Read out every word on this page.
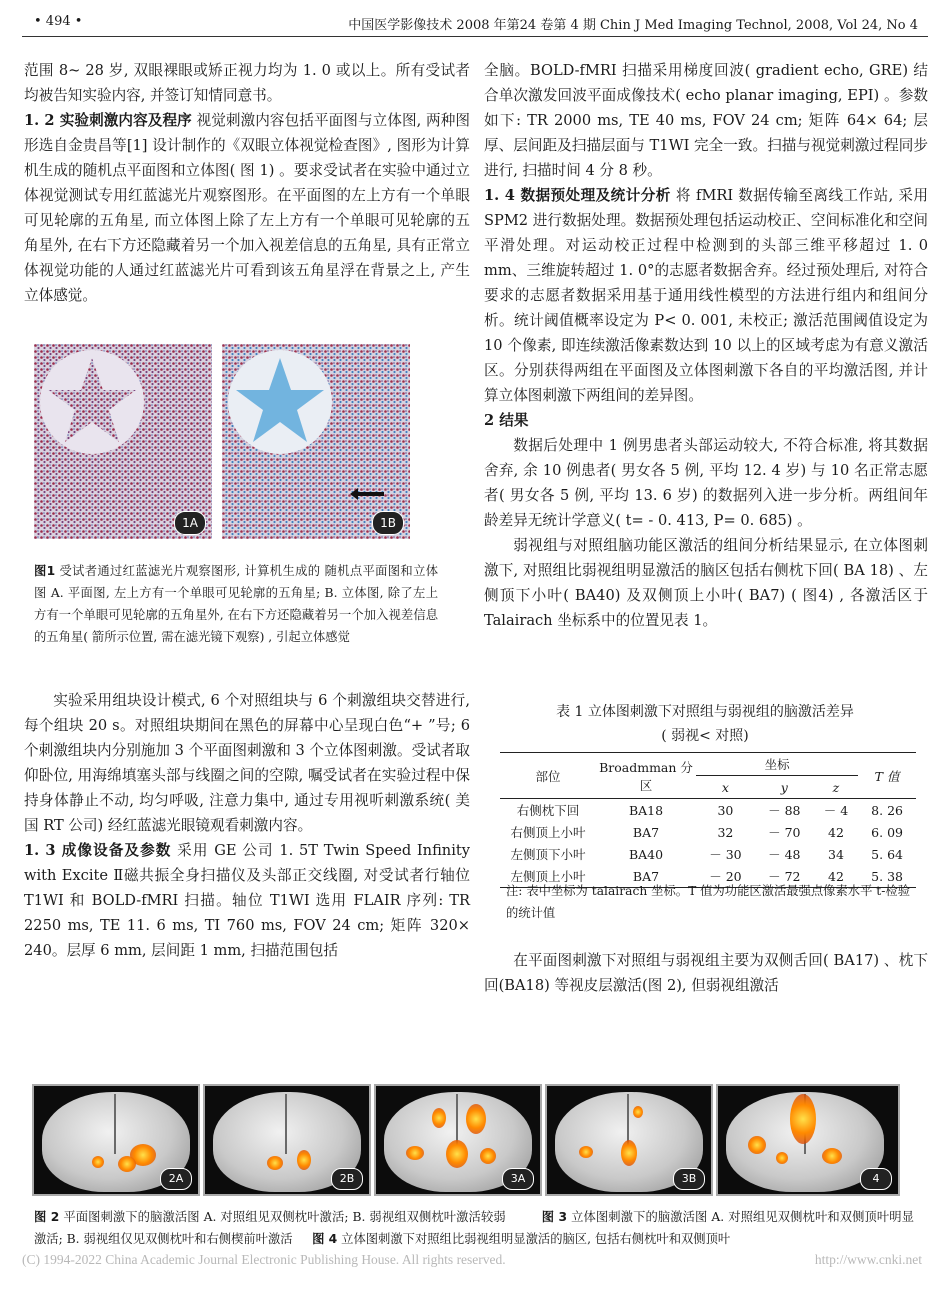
• 494 •	中国医学影像技术 2008 年第24 卷第 4 期 Chin J Med Imaging Technol, 2008, Vol 24, No 4

范围 8~ 28 岁, 双眼裸眼或矫正视力均为 1. 0 或以上。所有受试者均被告知实验内容, 并签订知情同意书。

1. 2 实验刺激内容及程序 视觉刺激内容包括平面图与立体图, 两种图形选自金贵昌等[1] 设计制作的《双眼立体视觉检查图》, 图形为计算机生成的随机点平面图和立体图( 图 1) 。要求受试者在实验中通过立体视觉测试专用红蓝滤光片观察图形。在平面图的左上方有一个单眼可见轮廓的五角星, 而立体图上除了左上方有一个单眼可见轮廓的五角星外, 在右下方还隐藏着另一个加入视差信息的五角星, 具有正常立体视觉功能的人通过红蓝滤光片可看到该五角星浮在背景之上, 产生立体感觉。

1A	1B
图1 受试者通过红蓝滤光片观察图形, 计算机生成的 随机点平面图和立体图 A. 平面图, 左上方有一个单眼可见轮廓的五角星; B. 立体图, 除了左上方有一个单眼可见轮廓的五角星外, 在右下方还隐藏着另一个加入视差信息的五角星( 箭所示位置, 需在滤光镜下观察) , 引起立体感觉

实验采用组块设计模式, 6 个对照组块与 6 个刺激组块交替进行, 每个组块 20 s。对照组块期间在黑色的屏幕中心呈现白色“+ ”号; 6 个刺激组块内分别施加 3 个平面图刺激和 3 个立体图刺激。受试者取仰卧位, 用海绵填塞头部与线圈之间的空隙, 嘱受试者在实验过程中保持身体静止不动, 均匀呼吸, 注意力集中, 通过专用视听刺激系统( 美国 RT 公司) 经红蓝滤光眼镜观看刺激内容。

1. 3 成像设备及参数 采用 GE 公司 1. 5T Twin Speed Infinity with Excite Ⅱ磁共振全身扫描仪及头部正交线圈, 对受试者行轴位 T1WI 和 BOLD-fMRI 扫描。轴位 T1WI 选用 FLAIR 序列: TR 2250 ms, TE 11. 6 ms, TI 760 ms, FOV 24 cm; 矩阵 320× 240。层厚 6 mm, 层间距 1 mm, 扫描范围包括

全脑。BOLD-fMRI 扫描采用梯度回波( gradient echo, GRE) 结合单次激发回波平面成像技术( echo planar imaging, EPI) 。参数如下: TR 2000 ms, TE 40 ms, FOV 24 cm; 矩阵 64× 64; 层厚、层间距及扫描层面与 T1WI 完全一致。扫描与视觉刺激过程同步进行, 扫描时间 4 分 8 秒。

1. 4 数据预处理及统计分析 将 fMRI 数据传输至离线工作站, 采用 SPM2 进行数据处理。数据预处理包括运动校正、空间标准化和空间平滑处理。对运动校正过程中检测到的头部三维平移超过 1. 0 mm、三维旋转超过 1. 0°的志愿者数据舍弃。经过预处理后, 对符合要求的志愿者数据采用基于通用线性模型的方法进行组内和组间分析。统计阈值概率设定为 P< 0. 001, 未校正; 激活范围阈值设定为 10 个像素, 即连续激活像素数达到 10 以上的区域考虑为有意义激活区。分别获得两组在平面图及立体图刺激下各自的平均激活图, 并计算立体图刺激下两组间的差异图。

2 结果

数据后处理中 1 例男患者头部运动较大, 不符合标准, 将其数据舍弃, 余 10 例患者( 男女各 5 例, 平均 12. 4 岁) 与 10 名正常志愿者( 男女各 5 例, 平均 13. 6 岁) 的数据列入进一步分析。两组间年龄差异无统计学意义( t= - 0. 413, P= 0. 685) 。

弱视组与对照组脑功能区激活的组间分析结果显示, 在立体图刺激下, 对照组比弱视组明显激活的脑区包括右侧枕下回( BA 18) 、左侧顶下小叶( BA40) 及双侧顶上小叶( BA7) ( 图4) , 各激活区于 Talairach 坐标系中的位置见表 1。

表 1 立体图刺激下对照组与弱视组的脑激活差异
( 弱视< 对照)
部位	Broadmman 分区	坐标			T 值
		x	y	z	
右侧枕下回	BA18	30	－ 88	－ 4	8. 26
右侧顶上小叶	BA7	32	－ 70	42	6. 09
左侧顶下小叶	BA40	－ 30	－ 48	34	5. 64
左侧顶上小叶	BA7	－ 20	－ 72	42	5. 38
注: 表中坐标为 talairach 坐标。T 值为功能区激活最强点像素水平 t-检验的统计值

在平面图刺激下对照组与弱视组主要为双侧舌回( BA17) 、枕下回(BA18) 等视皮层激活(图 2), 但弱视组激活

2A	2B	3A	3B	4
图 2 平面图刺激下的脑激活图 A. 对照组见双侧枕叶激活; B. 弱视组双侧枕叶激活较弱	图 3 立体图刺激下的脑激活图 A. 对照组见双侧枕叶和双侧顶叶明显激活; B. 弱视组仅见双侧枕叶和右侧楔前叶激活 图 4 立体图刺激下对照组比弱视组明显激活的脑区, 包括右侧枕叶和双侧顶叶
(C) 1994-2022 China Academic Journal Electronic Publishing House. All rights reserved.	http://www.cnki.net
